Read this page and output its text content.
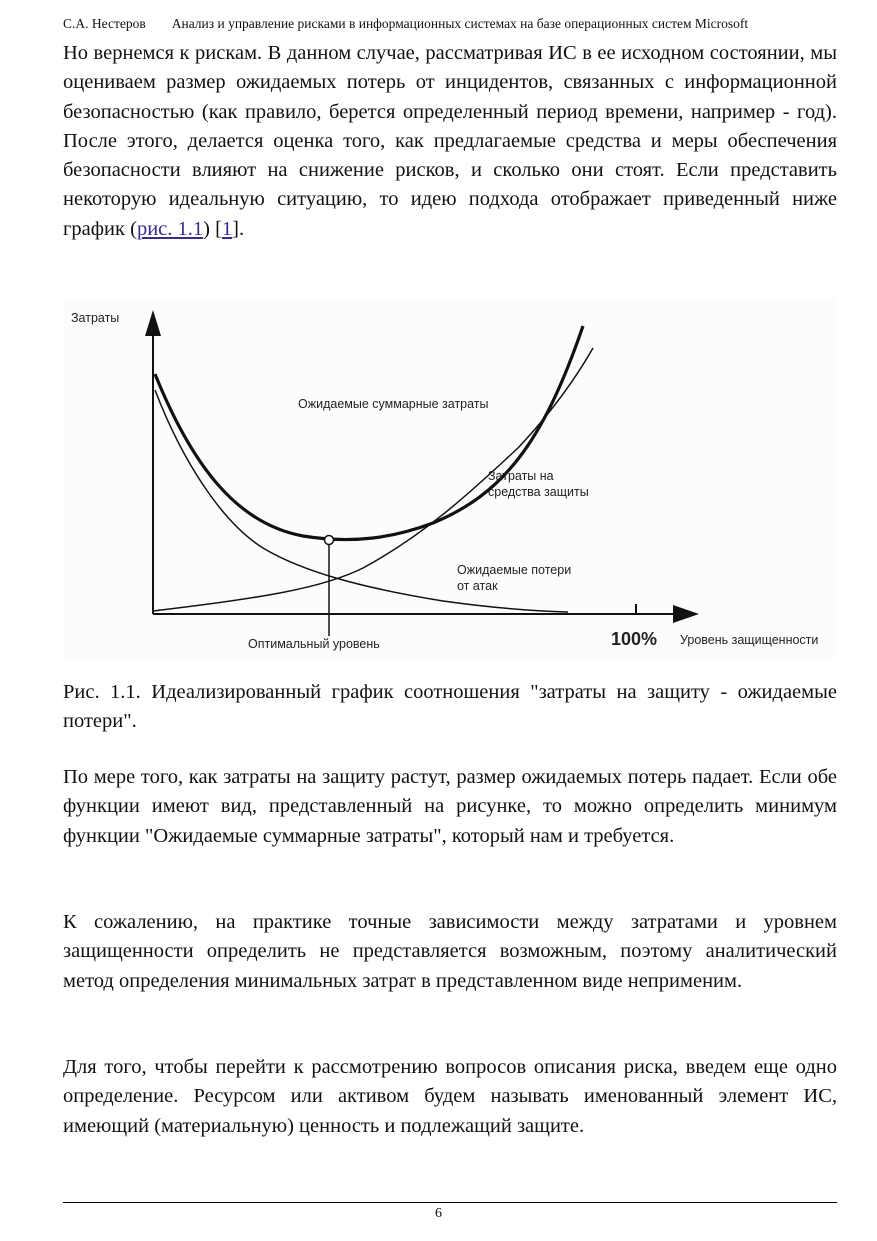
С.А. Нестеров Анализ и управление рисками в информационных системах на базе операционных систем Microsoft

Но вернемся к рискам. В данном случае, рассматривая ИС в ее исходном состоянии, мы оцениваем размер ожидаемых потерь от инцидентов, связанных с информационной безопасностью (как правило, берется определенный период времени, например - год). После этого, делается оценка того, как предлагаемые средства и меры обеспечения безопасности влияют на снижение рисков, и сколько они стоят. Если представить некоторую идеальную ситуацию, то идею подхода отображает приведенный ниже график (рис. 1.1) [1].

Затраты
Ожидаемые суммарные затраты
Затраты на
средства защиты
Ожидаемые потери
от атак
Оптимальный уровень	100% Уровень защищенности

Рис. 1.1. Идеализированный график соотношения "затраты на защиту - ожидаемые потери".

По мере того, как затраты на защиту растут, размер ожидаемых потерь падает. Если обе функции имеют вид, представленный на рисунке, то можно определить минимум функции "Ожидаемые суммарные затраты", который нам и требуется.

К сожалению, на практике точные зависимости между затратами и уровнем защищенности определить не представляется возможным, поэтому аналитический метод определения минимальных затрат в представленном виде неприменим.

Для того, чтобы перейти к рассмотрению вопросов описания риска, введем еще одно определение. Ресурсом или активом будем называть именованный элемент ИС, имеющий (материальную) ценность и подлежащий защите.

6
